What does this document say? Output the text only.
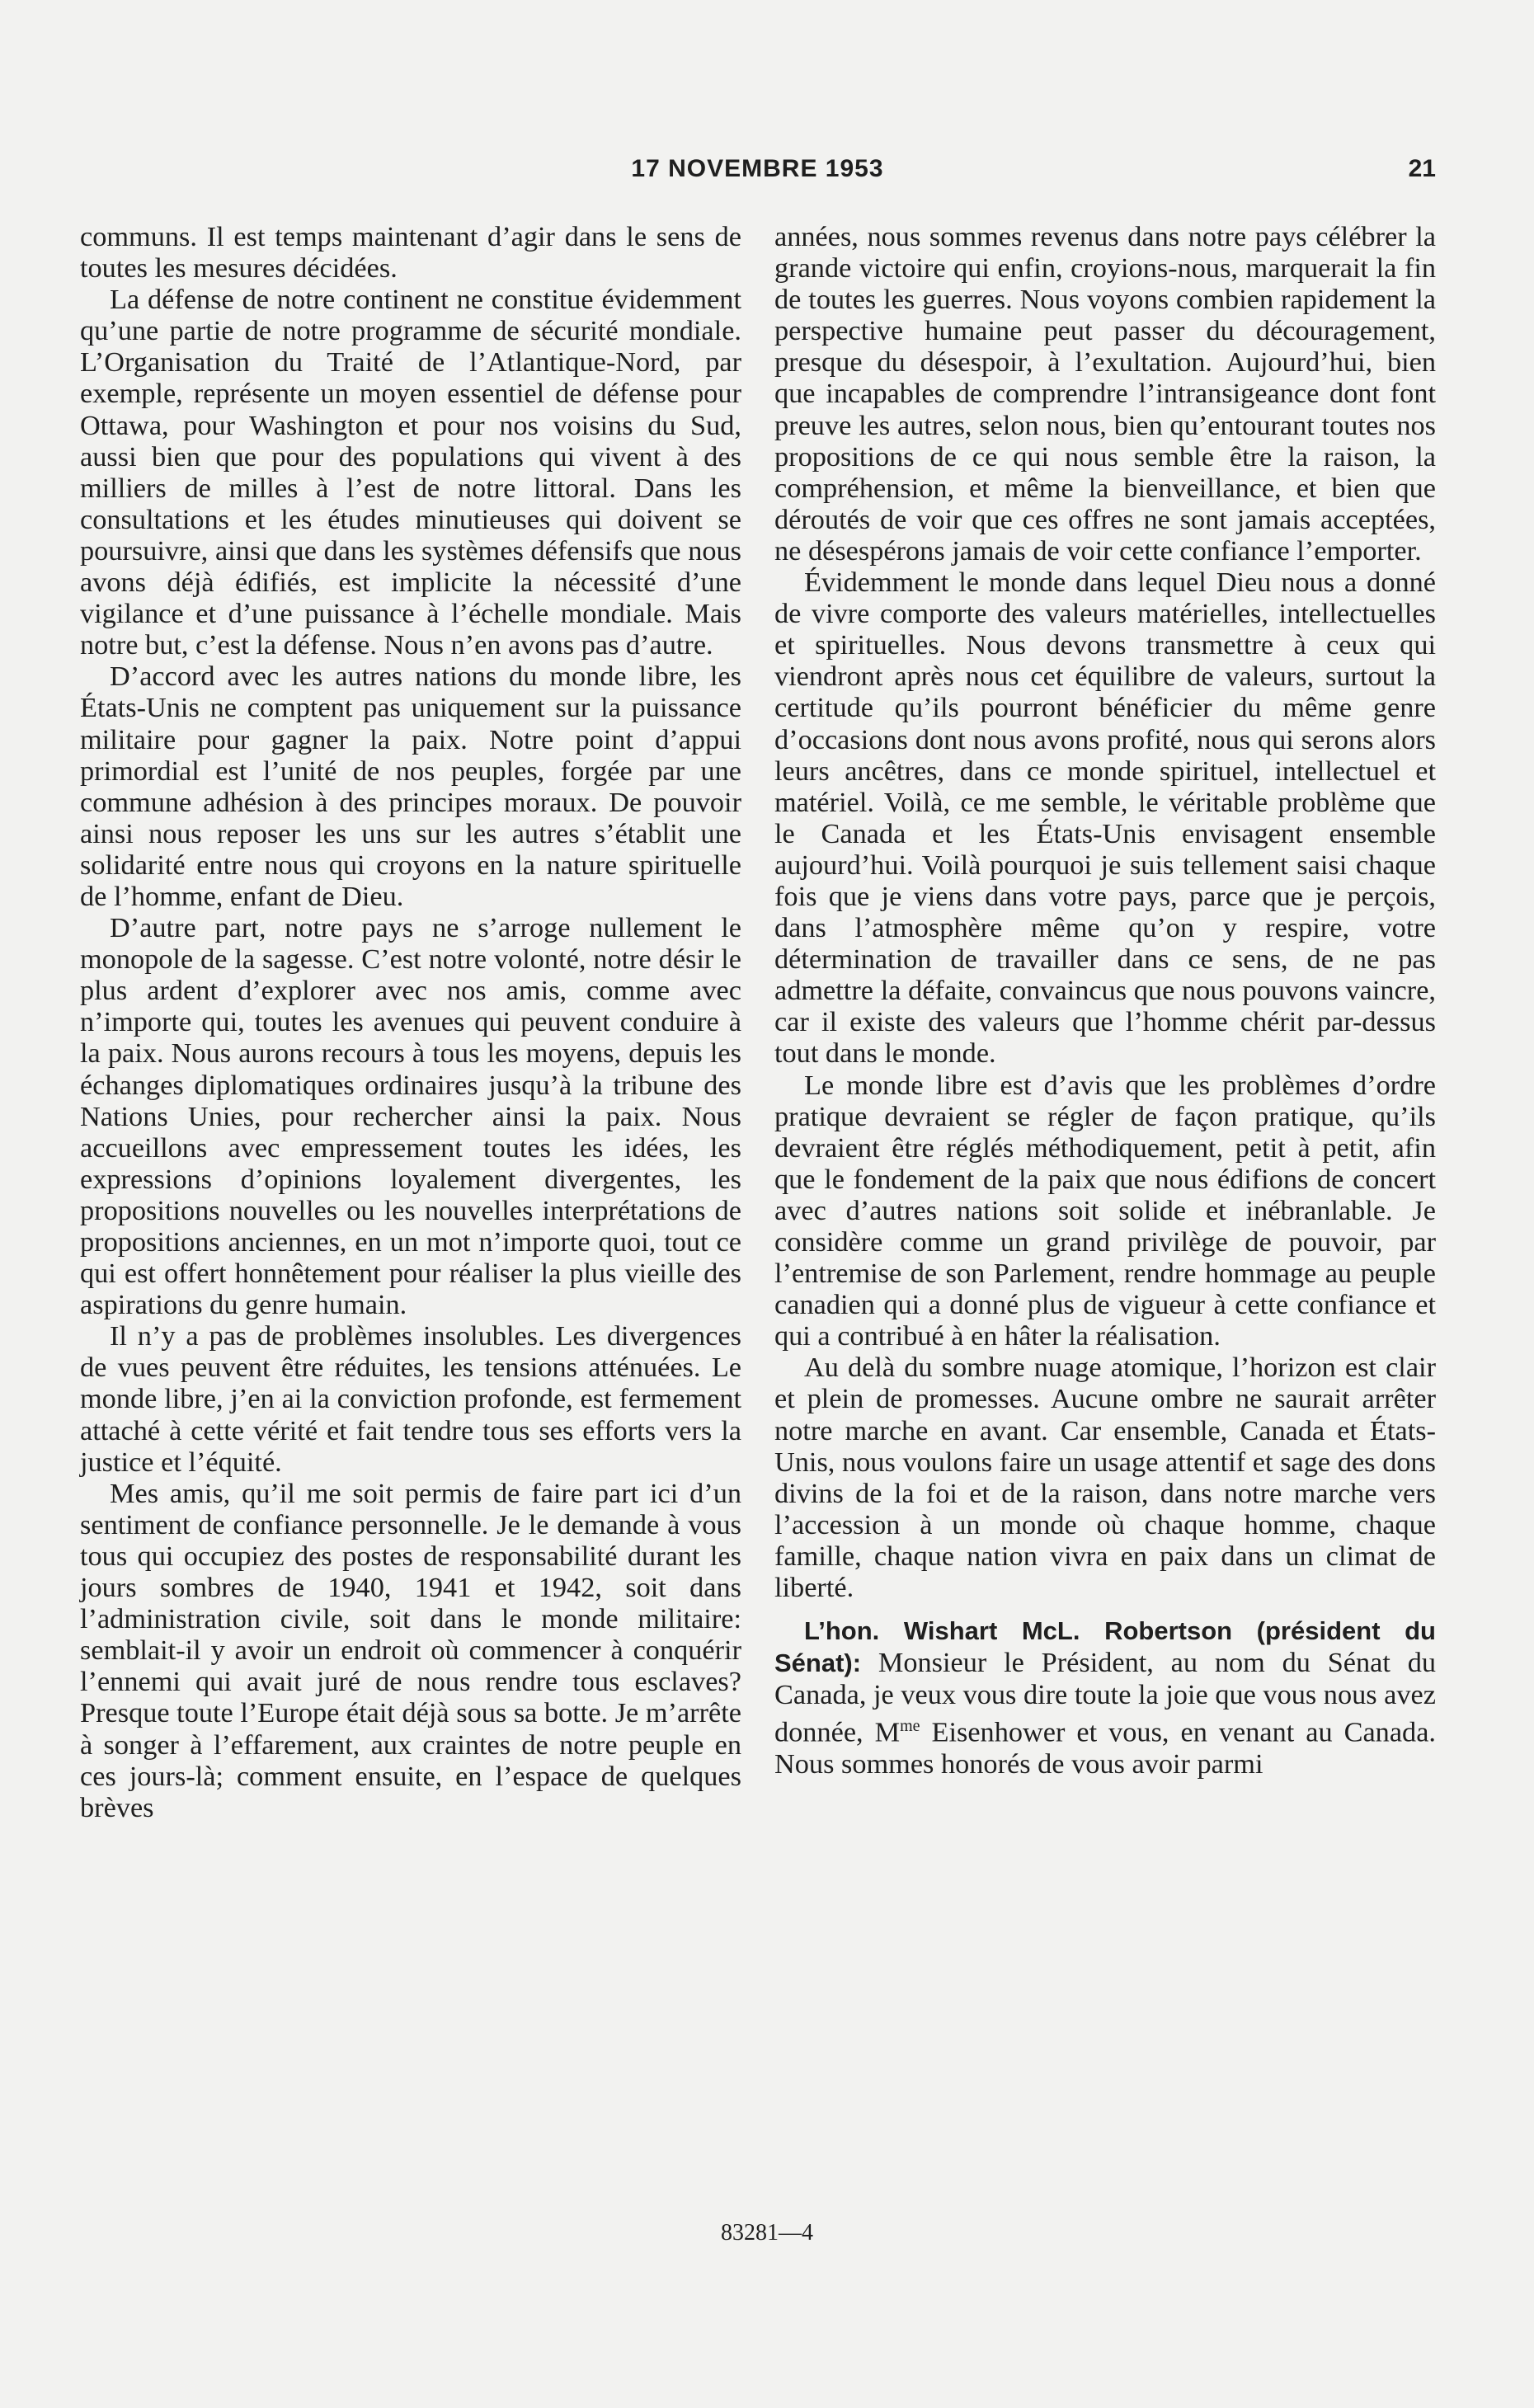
17 NOVEMBRE 1953	21

communs. Il est temps maintenant d’agir dans le sens de toutes les mesures décidées.

La défense de notre continent ne constitue évidemment qu’une partie de notre programme de sécurité mondiale. L’Organisation du Traité de l’Atlantique-Nord, par exemple, représente un moyen essentiel de défense pour Ottawa, pour Washington et pour nos voisins du Sud, aussi bien que pour des populations qui vivent à des milliers de milles à l’est de notre littoral. Dans les consultations et les études minutieuses qui doivent se poursuivre, ainsi que dans les systèmes défensifs que nous avons déjà édifiés, est implicite la nécessité d’une vigilance et d’une puissance à l’échelle mondiale. Mais notre but, c’est la défense. Nous n’en avons pas d’autre.

D’accord avec les autres nations du monde libre, les États-Unis ne comptent pas uniquement sur la puissance militaire pour gagner la paix. Notre point d’appui primordial est l’unité de nos peuples, forgée par une commune adhésion à des principes moraux. De pouvoir ainsi nous reposer les uns sur les autres s’établit une solidarité entre nous qui croyons en la nature spirituelle de l’homme, enfant de Dieu.

D’autre part, notre pays ne s’arroge nullement le monopole de la sagesse. C’est notre volonté, notre désir le plus ardent d’explorer avec nos amis, comme avec n’importe qui, toutes les avenues qui peuvent conduire à la paix. Nous aurons recours à tous les moyens, depuis les échanges diplomatiques ordinaires jusqu’à la tribune des Nations Unies, pour rechercher ainsi la paix. Nous accueillons avec empressement toutes les idées, les expressions d’opinions loyalement divergentes, les propositions nouvelles ou les nouvelles interprétations de propositions anciennes, en un mot n’importe quoi, tout ce qui est offert honnêtement pour réaliser la plus vieille des aspirations du genre humain.

Il n’y a pas de problèmes insolubles. Les divergences de vues peuvent être réduites, les tensions atténuées. Le monde libre, j’en ai la conviction profonde, est fermement attaché à cette vérité et fait tendre tous ses efforts vers la justice et l’équité.

Mes amis, qu’il me soit permis de faire part ici d’un sentiment de confiance personnelle. Je le demande à vous tous qui occupiez des postes de responsabilité durant les jours sombres de 1940, 1941 et 1942, soit dans l’administration civile, soit dans le monde militaire: semblait-il y avoir un endroit où commencer à conquérir l’ennemi qui avait juré de nous rendre tous esclaves? Presque toute l’Europe était déjà sous sa botte. Je m’arrête à songer à l’effarement, aux craintes de notre peuple en ces jours-là; comment ensuite, en l’espace de quelques brèves

années, nous sommes revenus dans notre pays célébrer la grande victoire qui enfin, croyions-nous, marquerait la fin de toutes les guerres. Nous voyons combien rapidement la perspective humaine peut passer du découragement, presque du désespoir, à l’exultation. Aujourd’hui, bien que incapables de comprendre l’intransigeance dont font preuve les autres, selon nous, bien qu’entourant toutes nos propositions de ce qui nous semble être la raison, la compréhension, et même la bienveillance, et bien que déroutés de voir que ces offres ne sont jamais acceptées, ne désespérons jamais de voir cette confiance l’emporter.

Évidemment le monde dans lequel Dieu nous a donné de vivre comporte des valeurs matérielles, intellectuelles et spirituelles. Nous devons transmettre à ceux qui viendront après nous cet équilibre de valeurs, surtout la certitude qu’ils pourront bénéficier du même genre d’occasions dont nous avons profité, nous qui serons alors leurs ancêtres, dans ce monde spirituel, intellectuel et matériel. Voilà, ce me semble, le véritable problème que le Canada et les États-Unis envisagent ensemble aujourd’hui. Voilà pourquoi je suis tellement saisi chaque fois que je viens dans votre pays, parce que je perçois, dans l’atmosphère même qu’on y respire, votre détermination de travailler dans ce sens, de ne pas admettre la défaite, convaincus que nous pouvons vaincre, car il existe des valeurs que l’homme chérit par-dessus tout dans le monde.

Le monde libre est d’avis que les problèmes d’ordre pratique devraient se régler de façon pratique, qu’ils devraient être réglés méthodiquement, petit à petit, afin que le fondement de la paix que nous édifions de concert avec d’autres nations soit solide et inébranlable. Je considère comme un grand privilège de pouvoir, par l’entremise de son Parlement, rendre hommage au peuple canadien qui a donné plus de vigueur à cette confiance et qui a contribué à en hâter la réalisation.

Au delà du sombre nuage atomique, l’horizon est clair et plein de promesses. Aucune ombre ne saurait arrêter notre marche en avant. Car ensemble, Canada et États-Unis, nous voulons faire un usage attentif et sage des dons divins de la foi et de la raison, dans notre marche vers l’accession à un monde où chaque homme, chaque famille, chaque nation vivra en paix dans un climat de liberté.

L’hon. Wishart McL. Robertson (président du Sénat): Monsieur le Président, au nom du Sénat du Canada, je veux vous dire toute la joie que vous nous avez donnée, $M^{me}$ Eisenhower et vous, en venant au Canada. Nous sommes honorés de vous avoir parmi

83281—4
